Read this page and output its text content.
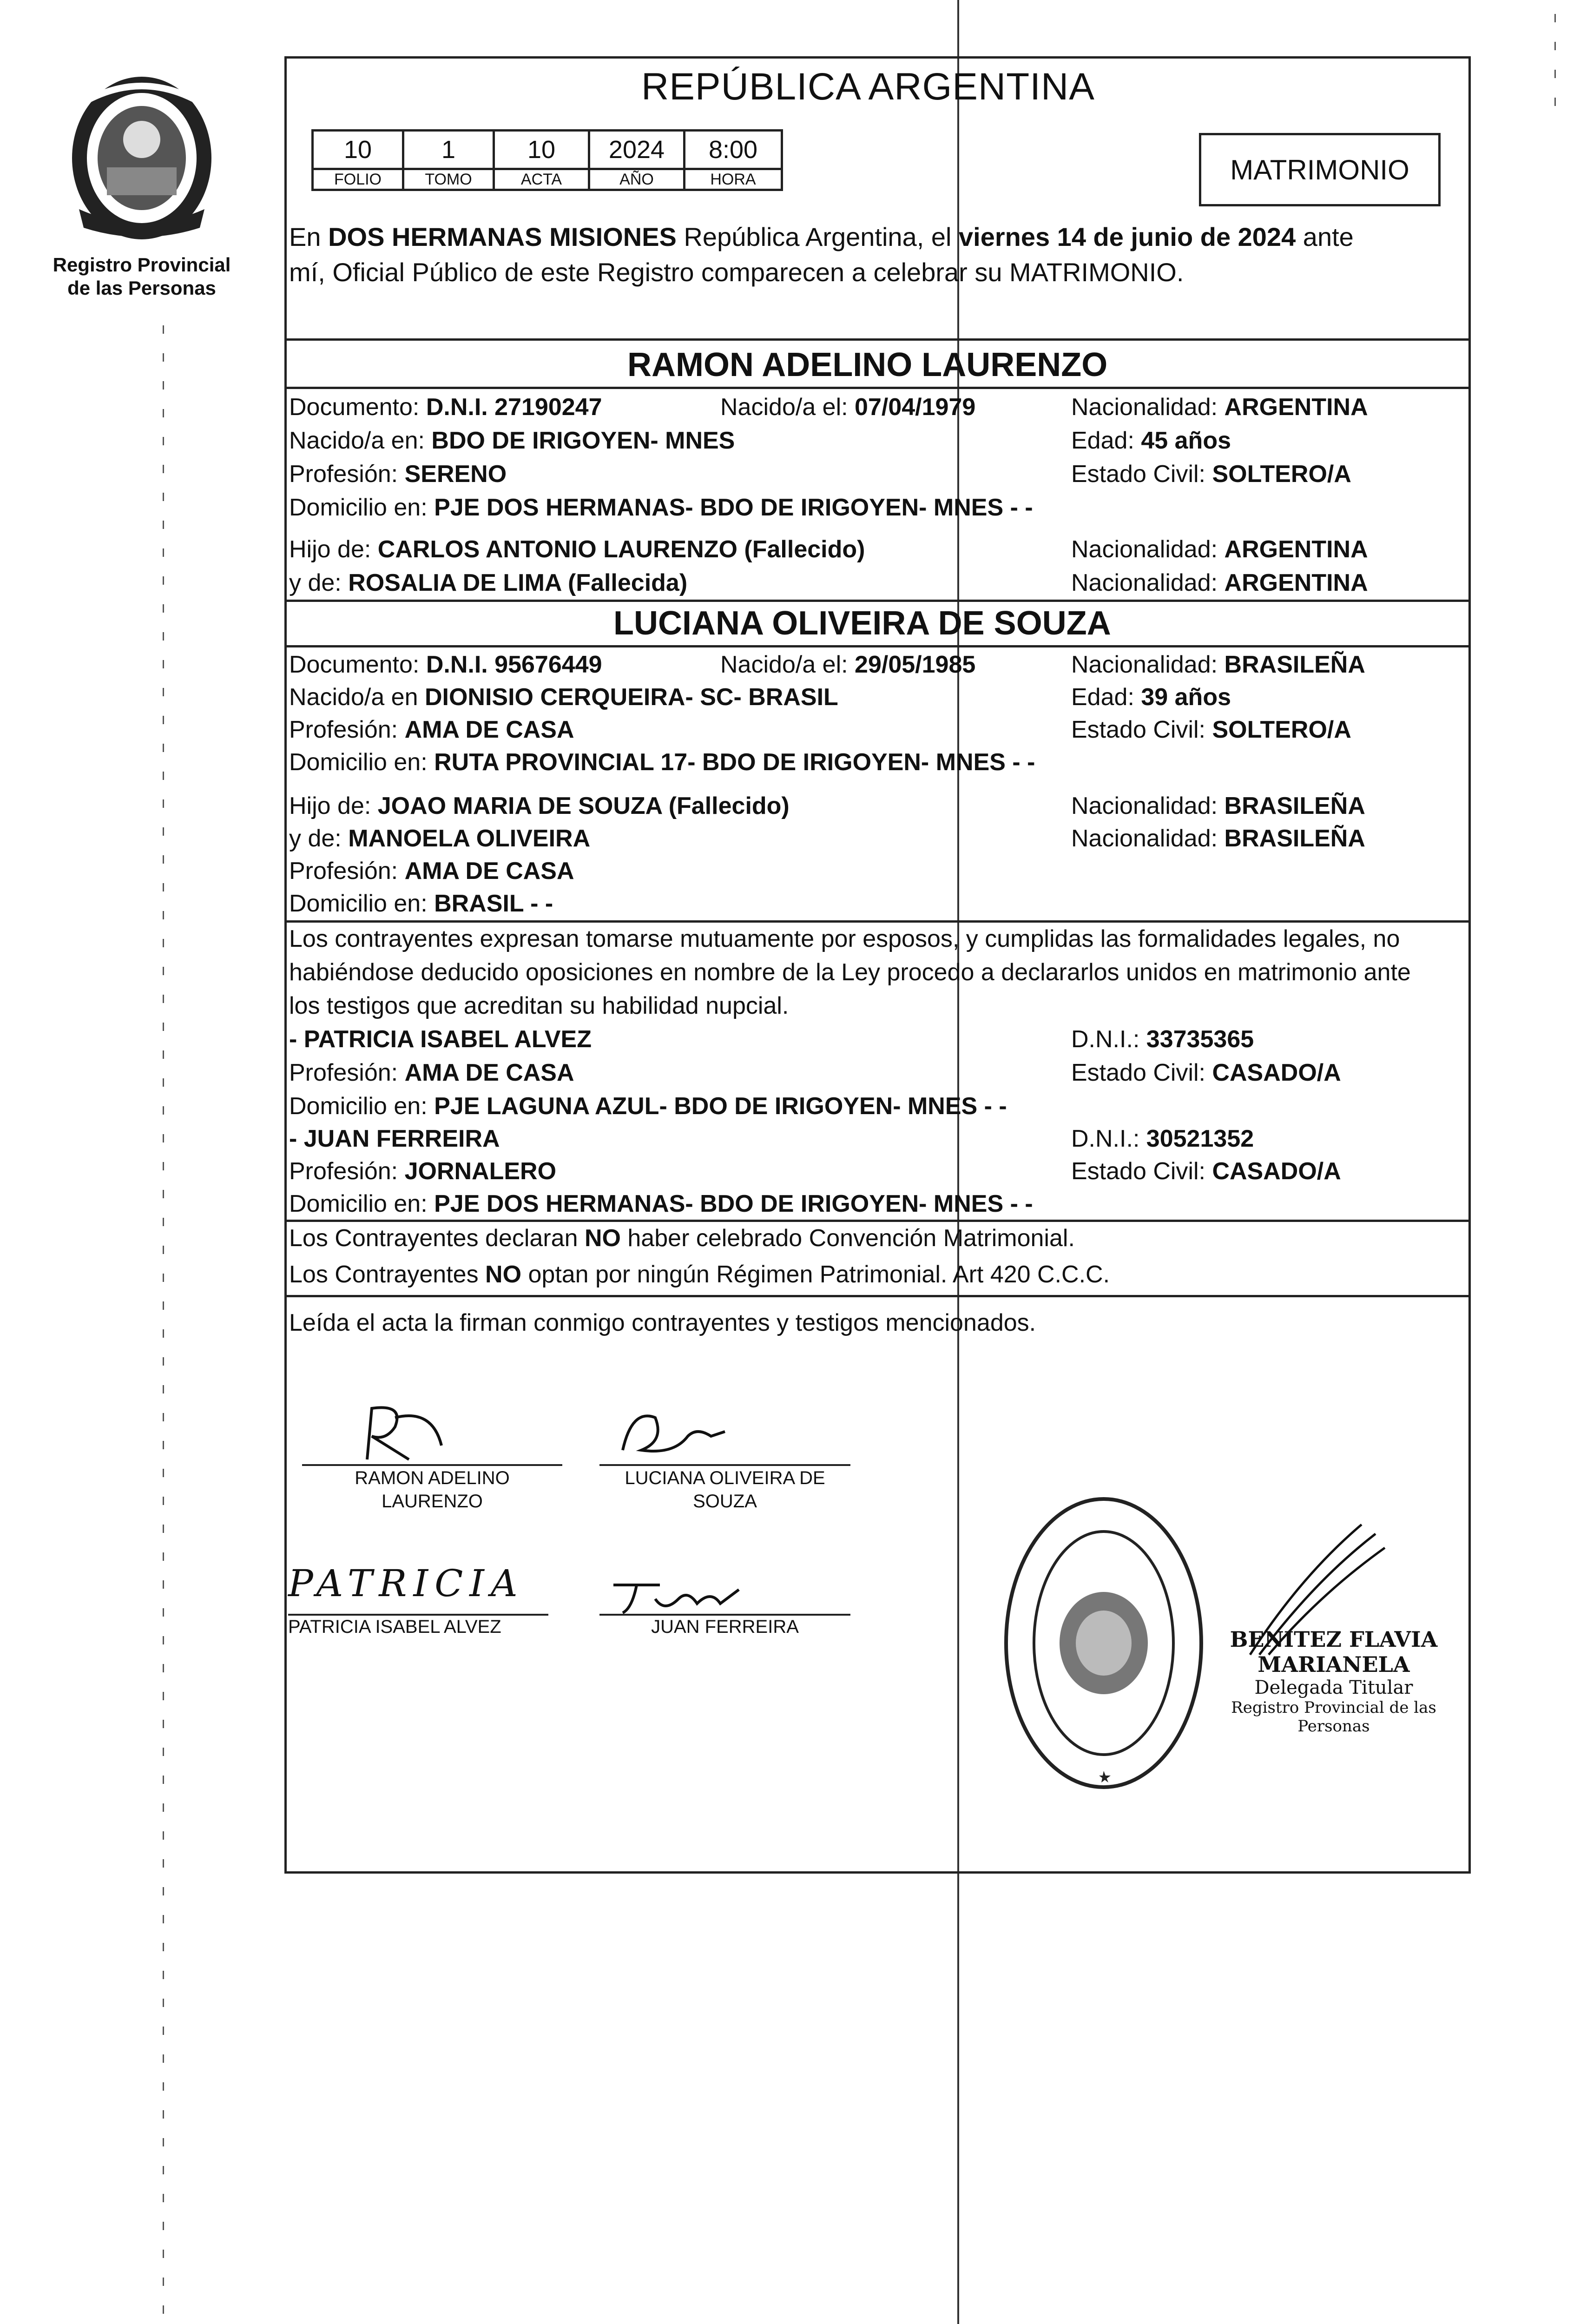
Registro Provincial
de las Personas
REPÚBLICA ARGENTINA
10	1	10	2024	8:00
FOLIO	TOMO	ACTA	AÑO	HORA	MATRIMONIO
En DOS HERMANAS MISIONES República Argentina, el viernes 14 de junio de 2024 ante
mí, Oficial Público de este Registro comparecen a celebrar su MATRIMONIO.
RAMON ADELINO LAURENZO
Documento: D.N.I. 27190247	Nacido/a el: 07/04/1979	Nacionalidad: ARGENTINA
Nacido/a en: BDO DE IRIGOYEN- MNES	Edad: 45 años
Profesión: SERENO	Estado Civil: SOLTERO/A
Domicilio en: PJE DOS HERMANAS- BDO DE IRIGOYEN- MNES - -
Hijo de: CARLOS ANTONIO LAURENZO (Fallecido)	Nacionalidad: ARGENTINA
y de: ROSALIA DE LIMA (Fallecida)	Nacionalidad: ARGENTINA
LUCIANA OLIVEIRA DE SOUZA
Documento: D.N.I. 95676449	Nacido/a el: 29/05/1985	Nacionalidad: BRASILEÑA
Nacido/a en DIONISIO CERQUEIRA- SC- BRASIL	Edad: 39 años
Profesión: AMA DE CASA	Estado Civil: SOLTERO/A
Domicilio en: RUTA PROVINCIAL 17- BDO DE IRIGOYEN- MNES - -
Hijo de: JOAO MARIA DE SOUZA (Fallecido)	Nacionalidad: BRASILEÑA
y de: MANOELA OLIVEIRA	Nacionalidad: BRASILEÑA
Profesión: AMA DE CASA
Domicilio en: BRASIL - -
Los contrayentes expresan tomarse mutuamente por esposos, y cumplidas las formalidades legales, no
habiéndose deducido oposiciones en nombre de la Ley procedo a declararlos unidos en matrimonio ante
los testigos que acreditan su habilidad nupcial.
- PATRICIA ISABEL ALVEZ	D.N.I.: 33735365
Profesión: AMA DE CASA	Estado Civil: CASADO/A
Domicilio en: PJE LAGUNA AZUL- BDO DE IRIGOYEN- MNES - -
- JUAN FERREIRA	D.N.I.: 30521352
Profesión: JORNALERO	Estado Civil: CASADO/A
Domicilio en: PJE DOS HERMANAS- BDO DE IRIGOYEN- MNES - -
Los Contrayentes declaran NO haber celebrado Convención Matrimonial.
Los Contrayentes NO optan por ningún Régimen Patrimonial. Art 420 C.C.C.
Leída el acta la firman conmigo contrayentes y testigos mencionados.
RAMON ADELINO
LAURENZO
LUCIANA OLIVEIRA DE
SOUZA
PATRICIA
PATRICIA ISABEL ALVEZ	JUAN FERREIRA	BENITEZ FLAVIA MARIANELA
Delegada Titular
Registro Provincial de las Personas
